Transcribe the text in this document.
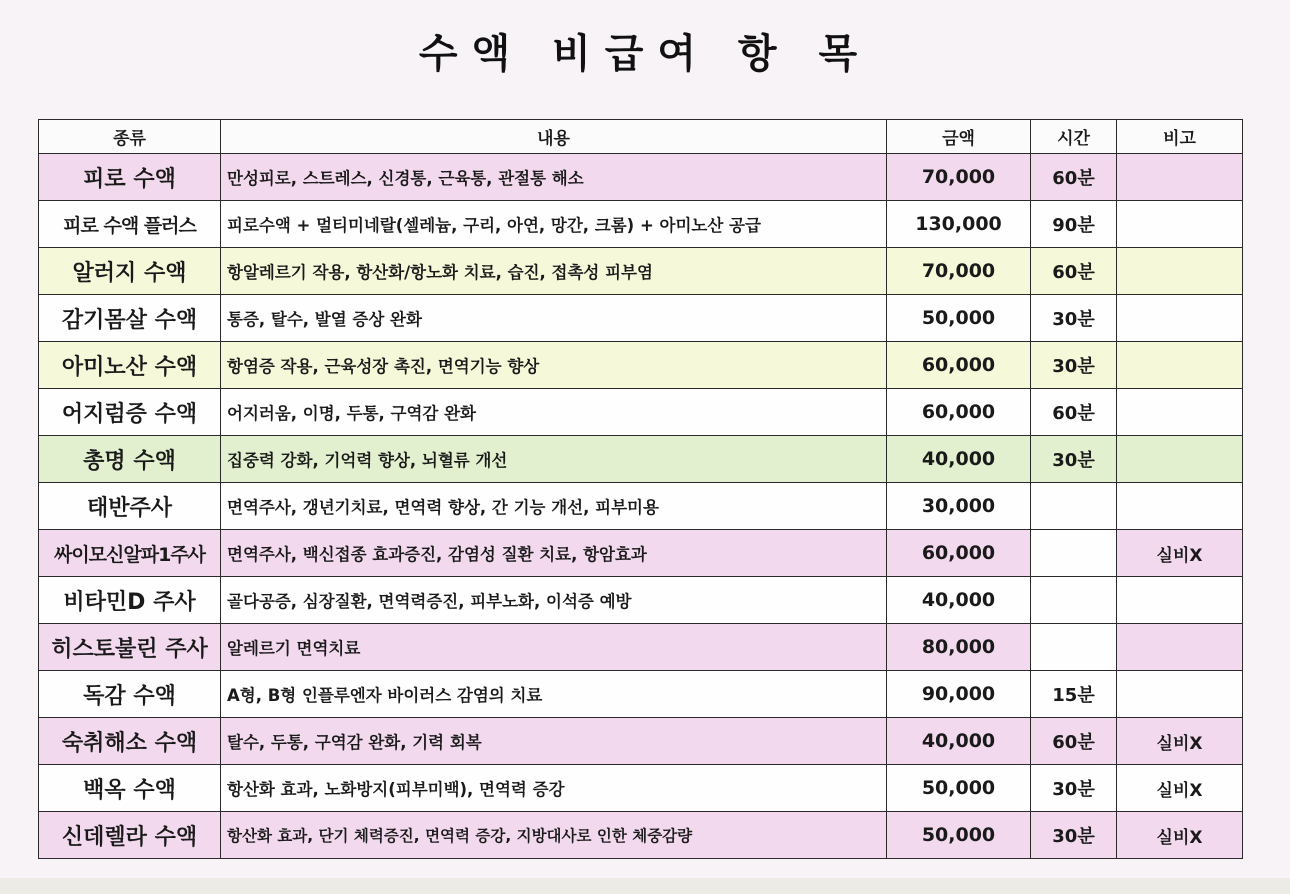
수액 비급여 항 목
종류	내용	금액	시간	비고
피로 수액	만성피로, 스트레스, 신경통, 근육통, 관절통 해소	70,000	60분	
피로 수액 플러스	피로수액 + 멀티미네랄(셀레늄, 구리, 아연, 망간, 크롬) + 아미노산 공급	130,000	90분	
알러지 수액	항알레르기 작용, 항산화/항노화 치료, 습진, 접촉성 피부염	70,000	60분	
감기몸살 수액	통증, 탈수, 발열 증상 완화	50,000	30분	
아미노산 수액	항염증 작용, 근육성장 촉진, 면역기능 향상	60,000	30분	
어지럼증 수액	어지러움, 이명, 두통, 구역감 완화	60,000	60분	
총명 수액	집중력 강화, 기억력 향상, 뇌혈류 개선	40,000	30분	
태반주사	면역주사, 갱년기치료, 면역력 향상, 간 기능 개선, 피부미용	30,000		
싸이모신알파1주사	면역주사, 백신접종 효과증진, 감염성 질환 치료, 항암효과	60,000		실비X
비타민D 주사	골다공증, 심장질환, 면역력증진, 피부노화, 이석증 예방	40,000		
히스토불린 주사	알레르기 면역치료	80,000		
독감 수액	A형, B형 인플루엔자 바이러스 감염의 치료	90,000	15분	
숙취해소 수액	탈수, 두통, 구역감 완화, 기력 회복	40,000	60분	실비X
백옥 수액	항산화 효과, 노화방지(피부미백), 면역력 증강	50,000	30분	실비X
신데렐라 수액	항산화 효과, 단기 체력증진, 면역력 증강, 지방대사로 인한 체중감량	50,000	30분	실비X
